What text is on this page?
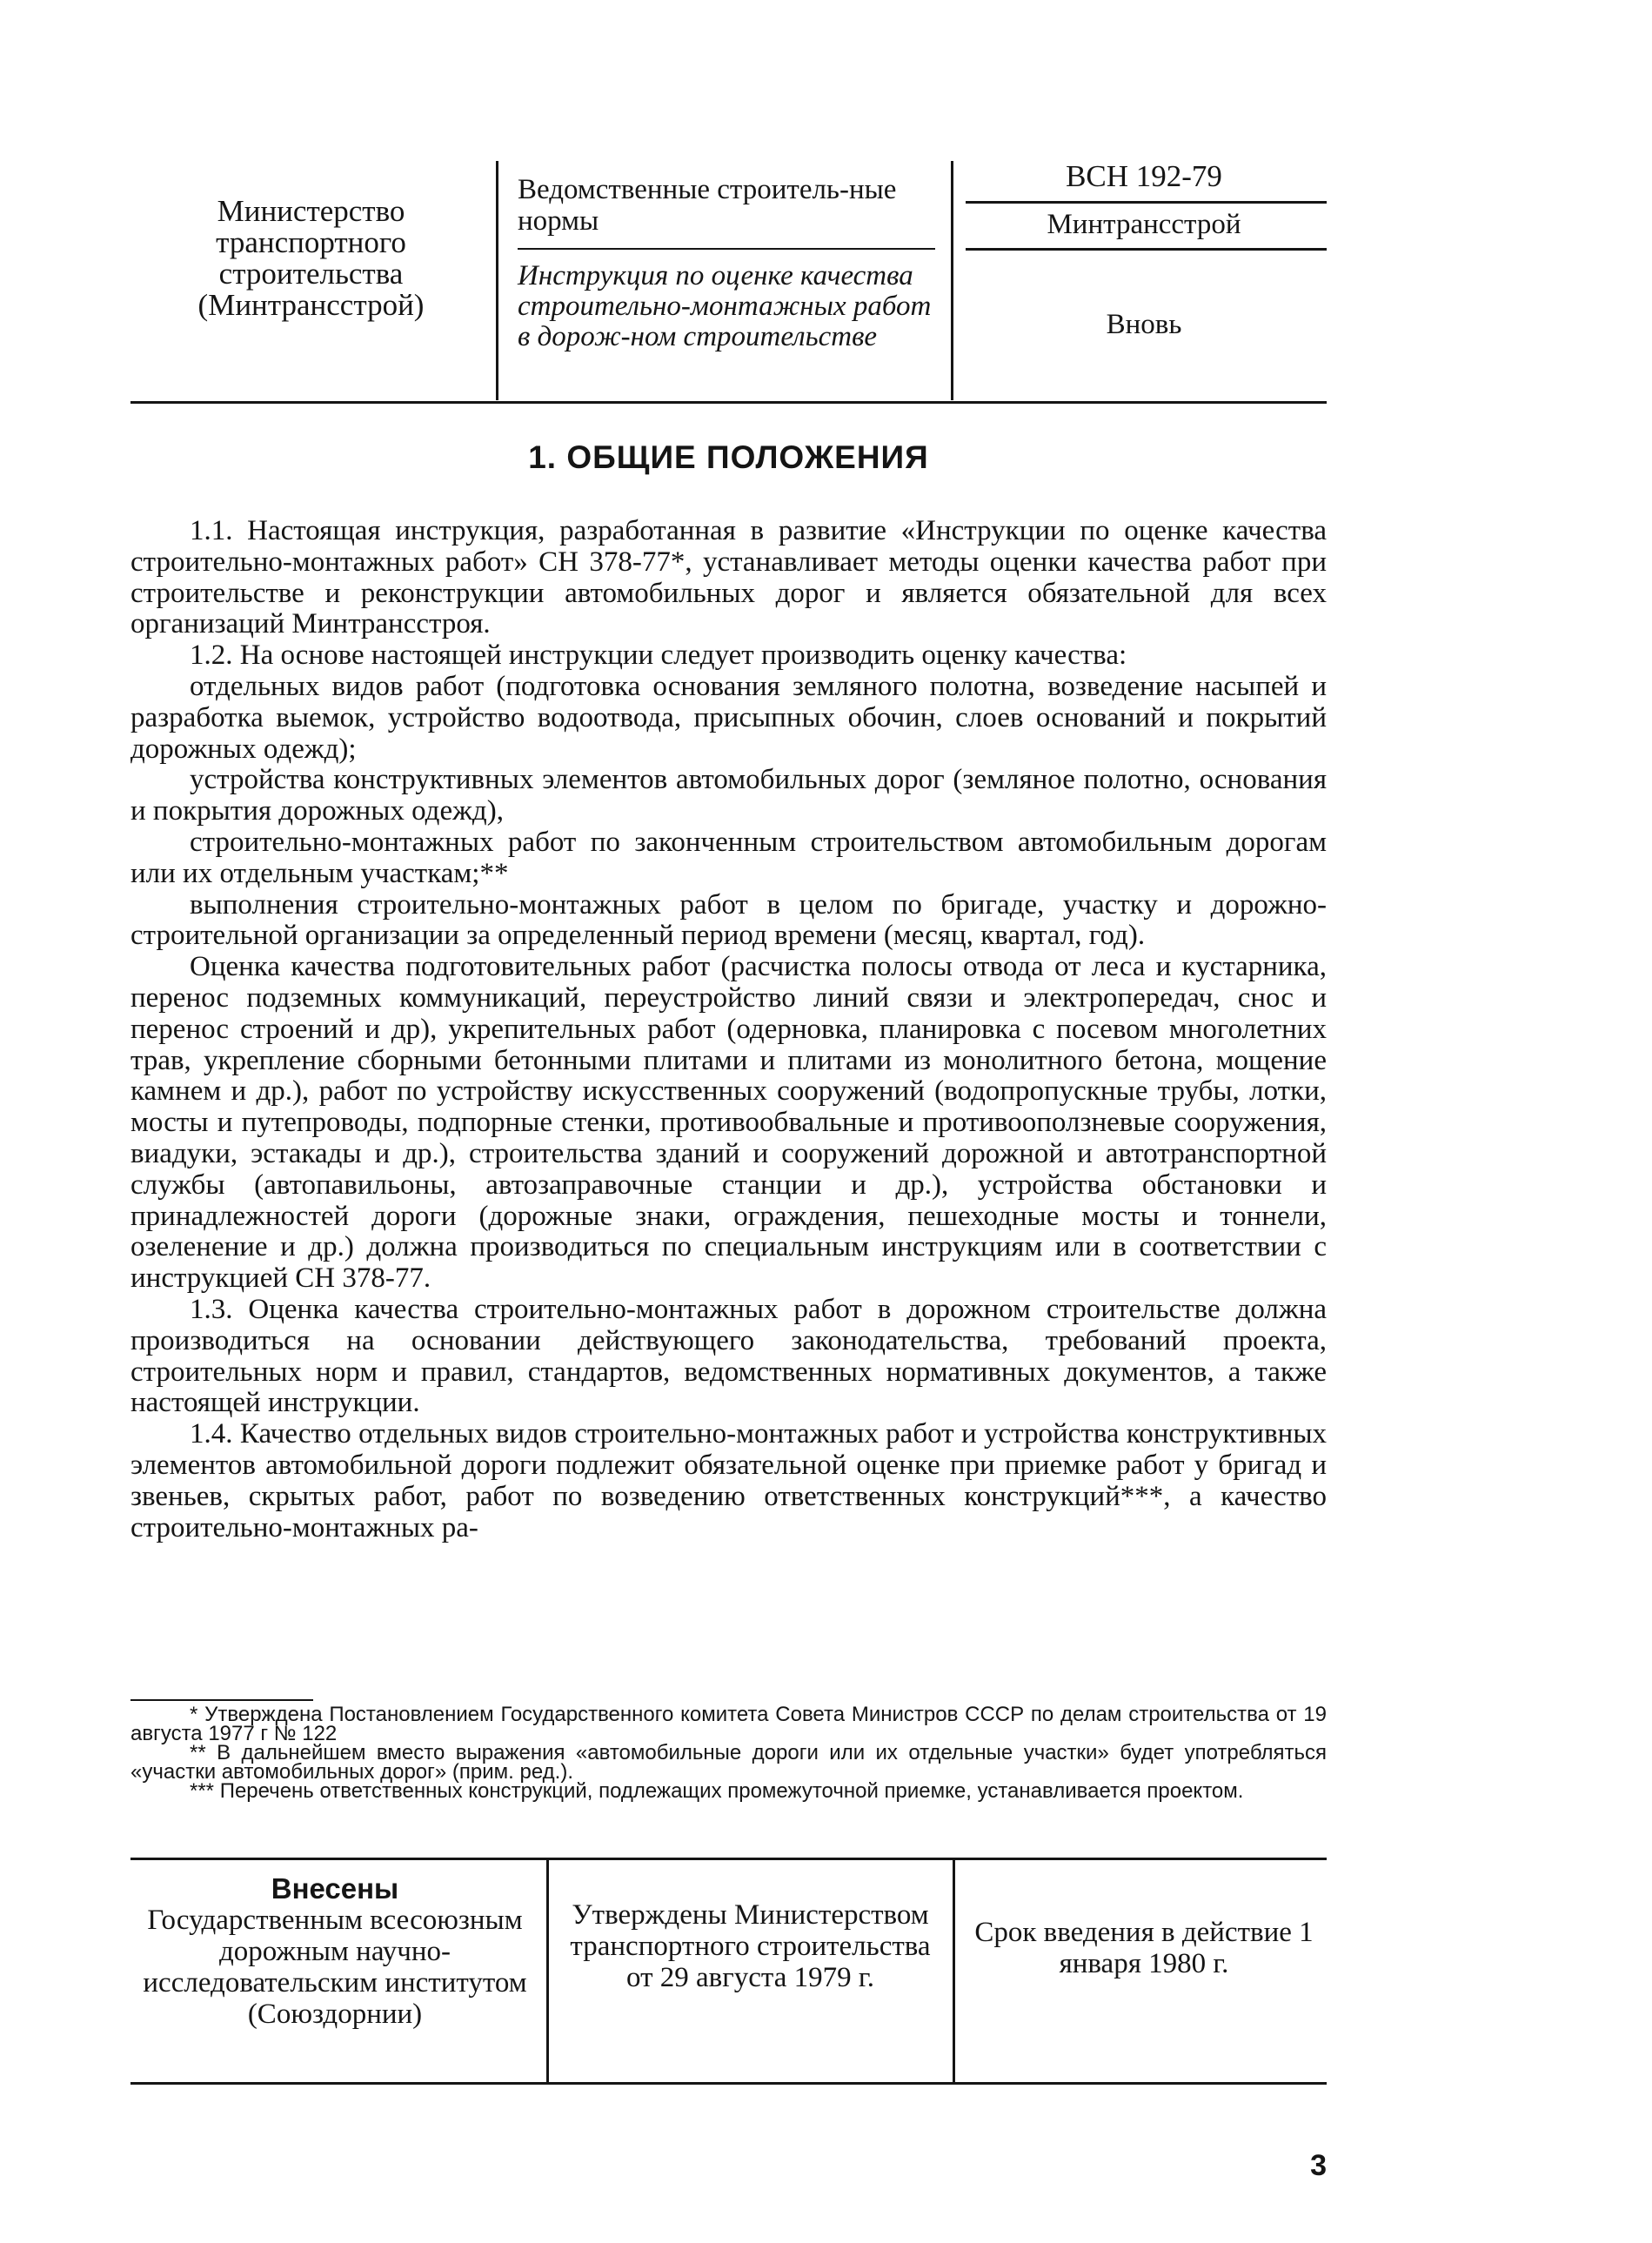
Министерство транспортного строительства (Минтрансстрой)
Ведомственные строитель-ные нормы
Инструкция по оценке качества строительно-монтажных работ в дорож-ном строительстве
ВСН 192-79
Минтрансстрой
Вновь
1. ОБЩИЕ ПОЛОЖЕНИЯ

1.1. Настоящая инструкция, разработанная в развитие «Инструкции по оценке качества строительно-монтажных работ» СН 378-77*, устанавливает методы оценки качества работ при строительстве и реконструкции автомобильных дорог и является обязательной для всех организаций Минтрансстроя.

1.2. На основе настоящей инструкции следует производить оценку качества:

отдельных видов работ (подготовка основания земляного полотна, возведение насыпей и разработка выемок, устройство водоотвода, присыпных обочин, слоев оснований и покрытий дорожных одежд);

устройства конструктивных элементов автомобильных дорог (земляное полотно, основания и покрытия дорожных одежд),

строительно-монтажных работ по законченным строительством автомобильным дорогам или их отдельным участкам;**

выполнения строительно-монтажных работ в целом по бригаде, участку и дорожно-строительной организации за определенный период времени (месяц, квартал, год).

Оценка качества подготовительных работ (расчистка полосы отвода от леса и кустарника, перенос подземных коммуникаций, переустройство линий связи и электропередач, снос и перенос строений и др), укрепительных работ (одерновка, планировка с посевом многолетних трав, укрепление сборными бетонными плитами и плитами из монолитного бетона, мощение камнем и др.), работ по устройству искусственных сооружений (водопропускные трубы, лотки, мосты и путепроводы, подпорные стенки, противообвальные и противооползневые сооружения, виадуки, эстакады и др.), строительства зданий и сооружений дорожной и автотранспортной службы (автопавильоны, автозаправочные станции и др.), устройства обстановки и принадлежностей дороги (дорожные знаки, ограждения, пешеходные мосты и тоннели, озеленение и др.) должна производиться по специальным инструкциям или в соответствии с инструкцией СН 378-77.

1.3. Оценка качества строительно-монтажных работ в дорожном строительстве должна производиться на основании действующего законодательства, требований проекта, строительных норм и правил, стандартов, ведомственных нормативных документов, а также настоящей инструкции.

1.4. Качество отдельных видов строительно-монтажных работ и устройства конструктивных элементов автомобильной дороги подлежит обязательной оценке при приемке работ у бригад и звеньев, скрытых работ, работ по возведению ответственных конструкций***, а качество строительно-монтажных ра-

* Утверждена Постановлением Государственного комитета Совета Министров СССР по делам строительства от 19 августа 1977 г № 122

** В дальнейшем вместо выражения «автомобильные дороги или их отдельные участки» будет употребляться «участки автомобильных дорог» (прим. ред.).

*** Перечень ответственных конструкций, подлежащих промежуточной приемке, устанавливается проектом.

Внесены
Государственным всесоюзным дорожным научно-исследовательским институтом (Союздорнии)
Утверждены Министерством транспортного строительства от 29 августа 1979 г.
Срок введения в действие 1 января 1980 г.
3
